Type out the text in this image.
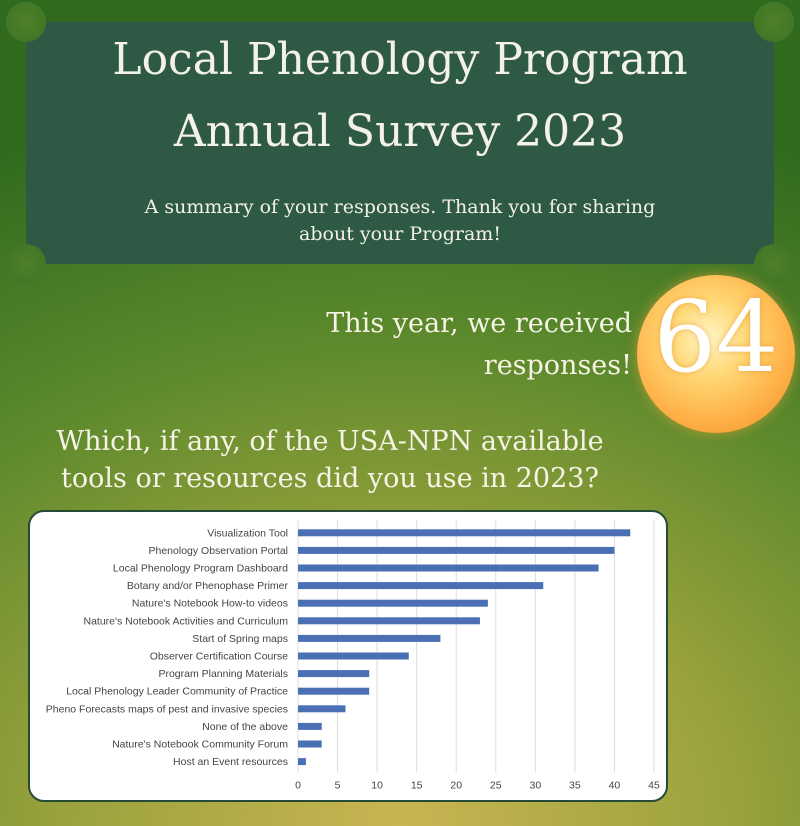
Local Phenology Program
Annual Survey 2023
A summary of your responses. Thank you for sharing
about your Program!
This year, we received
responses! 64
Which, if any, of the USA-NPN available
tools or resources did you use in 2023?
0	5	10	15	20	25	30	35	40	45
Visualization Tool
Phenology Observation Portal
Local Phenology Program Dashboard
Botany and/or Phenophase Primer
Nature's Notebook How-to videos
Nature's Notebook Activities and Curriculum
Start of Spring maps
Observer Certification Course
Program Planning Materials
Local Phenology Leader Community of Practice
Pheno Forecasts maps of pest and invasive species
None of the above
Nature's Notebook Community Forum
Host an Event resources
